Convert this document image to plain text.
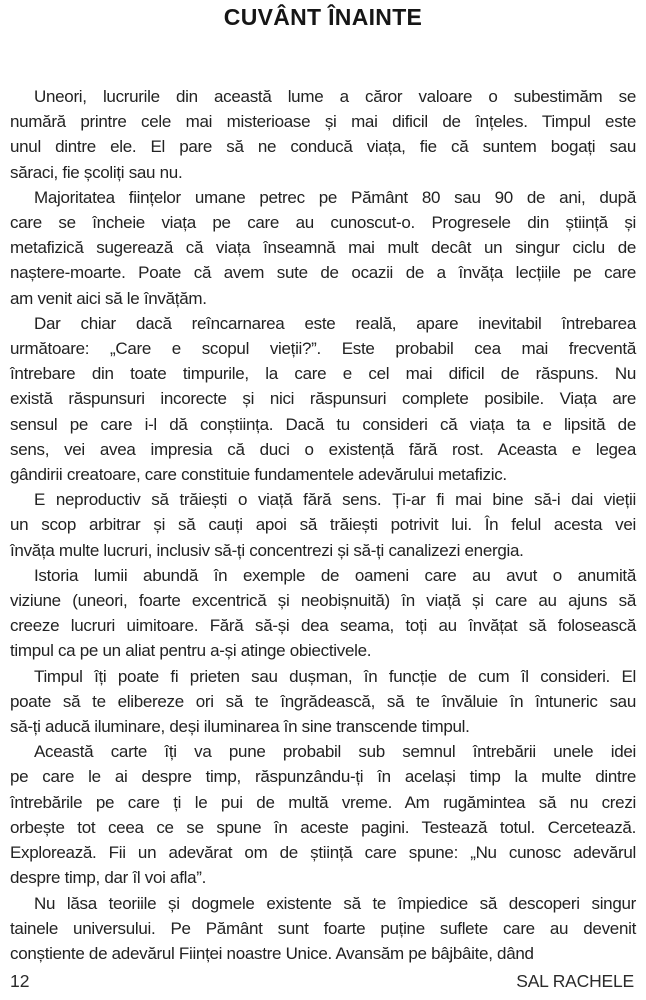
CUVÂNT ÎNAINTE
Uneori, lucrurile din această lume a căror valoare o subestimăm se
numără printre cele mai misterioase și mai dificil de înțeles. Timpul este
unul dintre ele. El pare să ne conducă viața, fie că suntem bogați sau
săraci, fie școliți sau nu.
Majoritatea ființelor umane petrec pe Pământ 80 sau 90 de ani, după
care se încheie viața pe care au cunoscut-o. Progresele din știință și
metafizică sugerează că viața înseamnă mai mult decât un singur ciclu de
naștere-moarte. Poate că avem sute de ocazii de a învăța lecțiile pe care
am venit aici să le învățăm.
Dar chiar dacă reîncarnarea este reală, apare inevitabil întrebarea
următoare: „Care e scopul vieții?”. Este probabil cea mai frecventă
întrebare din toate timpurile, la care e cel mai dificil de răspuns. Nu
există răspunsuri incorecte și nici răspunsuri complete posibile. Viața are
sensul pe care i-l dă conștiința. Dacă tu consideri că viața ta e lipsită de
sens, vei avea impresia că duci o existență fără rost. Aceasta e legea
gândirii creatoare, care constituie fundamentele adevărului metafizic.
E neproductiv să trăiești o viață fără sens. Ți-ar fi mai bine să-i dai vieții
un scop arbitrar și să cauți apoi să trăiești potrivit lui. În felul acesta vei
învăța multe lucruri, inclusiv să-ți concentrezi și să-ți canalizezi energia.
Istoria lumii abundă în exemple de oameni care au avut o anumită
viziune (uneori, foarte excentrică și neobișnuită) în viață și care au ajuns să
creeze lucruri uimitoare. Fără să-și dea seama, toți au învățat să folosească
timpul ca pe un aliat pentru a-și atinge obiectivele.
Timpul îți poate fi prieten sau dușman, în funcție de cum îl consideri. El
poate să te elibereze ori să te îngrădească, să te învăluie în întuneric sau
să-ți aducă iluminare, deși iluminarea în sine transcende timpul.
Această carte îți va pune probabil sub semnul întrebării unele idei
pe care le ai despre timp, răspunzându-ți în același timp la multe dintre
întrebările pe care ți le pui de multă vreme. Am rugămintea să nu crezi
orbește tot ceea ce se spune în aceste pagini. Testează totul. Cercetează.
Explorează. Fii un adevărat om de știință care spune: „Nu cunosc adevărul
despre timp, dar îl voi afla”.
Nu lăsa teoriile și dogmele existente să te împiedice să descoperi singur
tainele universului. Pe Pământ sunt foarte puține suflete care au devenit
conștiente de adevărul Ființei noastre Unice. Avansăm pe bâjbâite, dând
12	SAL RACHELE
